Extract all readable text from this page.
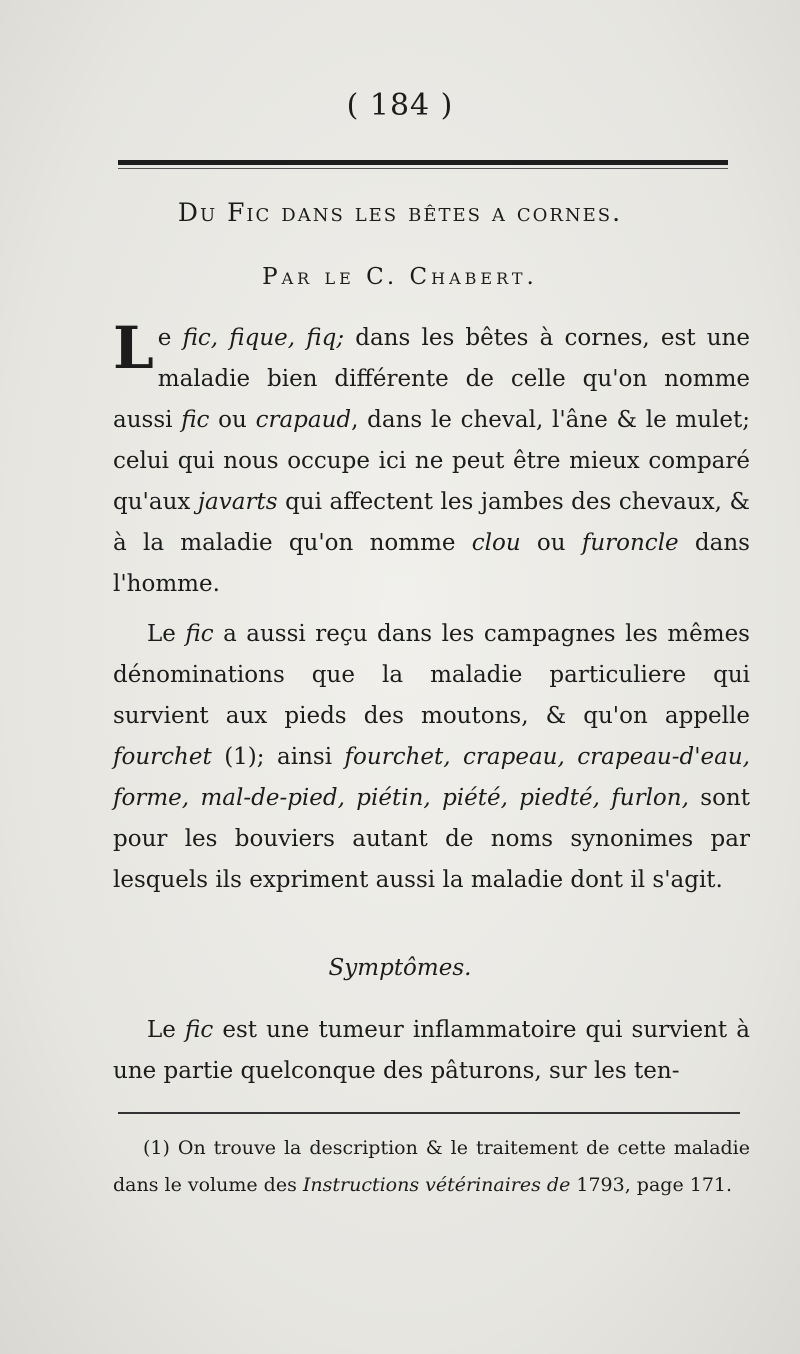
( 184 )
Du Fic dans les bêtes a cornes.
Par le C. Chabert.
Le fic, fique, fiq; dans les bêtes à cornes, est une maladie bien différente de celle qu'on nomme aussi fic ou crapaud, dans le cheval, l'âne & le mulet; celui qui nous occupe ici ne peut être mieux comparé qu'aux javarts qui affectent les jambes des chevaux, & à la maladie qu'on nomme clou ou furoncle dans l'homme.
Le fic a aussi reçu dans les campagnes les mêmes dénominations que la maladie particuliere qui survient aux pieds des moutons, & qu'on appelle fourchet (1); ainsi fourchet, crapeau, crapeau-d'eau, forme, mal-de-pied, piétin, piété, piedté, furlon, sont pour les bouviers autant de noms synonimes par lesquels ils expriment aussi la maladie dont il s'agit.
Symptômes.
Le fic est une tumeur inflammatoire qui survient à une partie quelconque des pâturons, sur les ten-
(1) On trouve la description & le traitement de cette maladie dans le volume des Instructions vétérinaires de 1793, page 171.
